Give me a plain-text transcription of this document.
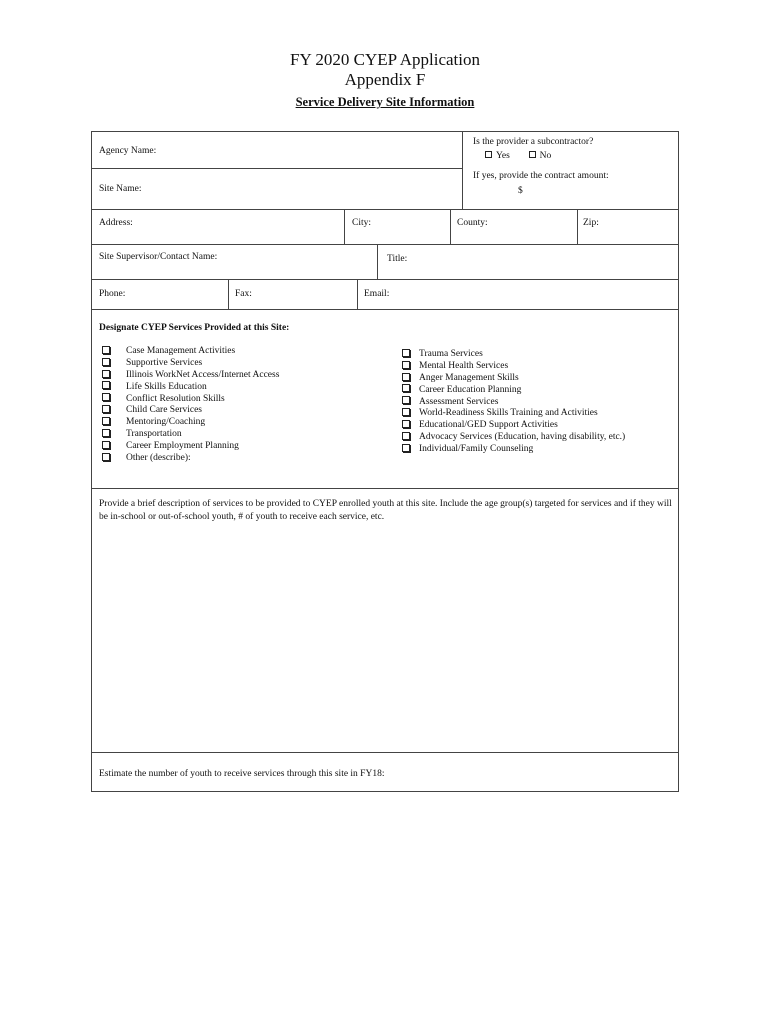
FY 2020 CYEP Application
Appendix F
Service Delivery Site Information
Agency Name:
Is the provider a subcontractor?
Yes	No
Site Name:
If yes, provide the contract amount:
$
Address:	City:	County:	Zip:
Site Supervisor/Contact Name:	Title:
Phone:	Fax:	Email:
Designate CYEP Services Provided at this Site:
Case Management Activities
Supportive Services
Illinois WorkNet Access/Internet Access
Life Skills Education
Conflict Resolution Skills
Child Care Services
Mentoring/Coaching
Transportation
Career Employment Planning
Other (describe):
Trauma Services
Mental Health Services
Anger Management Skills
Career Education Planning
Assessment Services
World-Readiness Skills Training and Activities
Educational/GED Support Activities
Advocacy Services (Education, having disability, etc.)
Individual/Family Counseling
Provide a brief description of services to be provided to CYEP enrolled youth at this site. Include the age group(s) targeted for services and if they will be in-school or out-of-school youth, # of youth to receive each service, etc.
Estimate the number of youth to receive services through this site in FY18:
